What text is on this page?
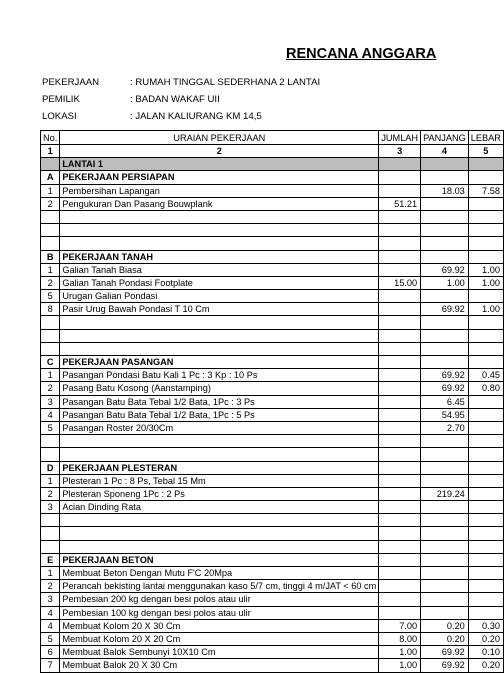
RENCANA ANGGARA
PEKERJAAN	: RUMAH TINGGAL SEDERHANA 2 LANTAI
PEMILIK	: BADAN WAKAF UII
LOKASI	: JALAN KALIURANG KM 14,5
No.	URAIAN PEKERJAAN	JUMLAH	PANJANG	LEBAR
1	2	3	4	5
	LANTAI 1			
A	PEKERJAAN PERSIAPAN			
1	Pembersihan Lapangan		18.03	7.58
2	Pengukuran Dan Pasang Bouwplank	51.21		

B	PEKERJAAN TANAH			
1	Galian Tanah Biasa		69.92	1.00
2	Galian Tanah Pondasi Footplate	15.00	1.00	1.00
5	Urugan Galian Pondasi			
8	Pasir Urug Bawah Pondasi T 10 Cm		69.92	1.00

C	PEKERJAAN PASANGAN			
1	Pasangan Pondasi Batu Kali 1 Pc : 3 Kp : 10 Ps		69.92	0.45
2	Pasang Batu Kosong (Aanstamping)		69.92	0.80
3	Pasangan Batu Bata Tebal 1/2 Bata, 1Pc : 3 Ps		6.45	
4	Pasangan Batu Bata Tebal 1/2 Bata, 1Pc : 5 Ps		54.95	
5	Pasangan Roster 20/30Cm		2.70	

D	PEKERJAAN PLESTERAN			
1	Plesteran 1 Pc : 8 Ps, Tebal 15 Mm			
2	Plesteran Sponeng 1Pc : 2 Ps		219.24	
3	Acian Dinding Rata			

E	PEKERJAAN BETON			
1	Membuat Beton Dengan Mutu F'C 20Mpa			
2	Perancah bekisting lantai menggunakan kaso 5/7 cm, tinggi 4 m/JAT < 60 cm			
3	Pembesian 200 kg dengan besi polos atau ulir			
4	Pembesian 100 kg dengan besi polos atau ulir			
4	Membuat Kolom 20 X 30 Cm	7.00	0.20	0.30
5	Membuat Kolom 20 X 20 Cm	8.00	0.20	0.20
6	Membuat Balok Sembunyi 10X10 Cm	1.00	69.92	0.10
7	Membuat Balok 20 X 30 Cm	1.00	69.92	0.20
